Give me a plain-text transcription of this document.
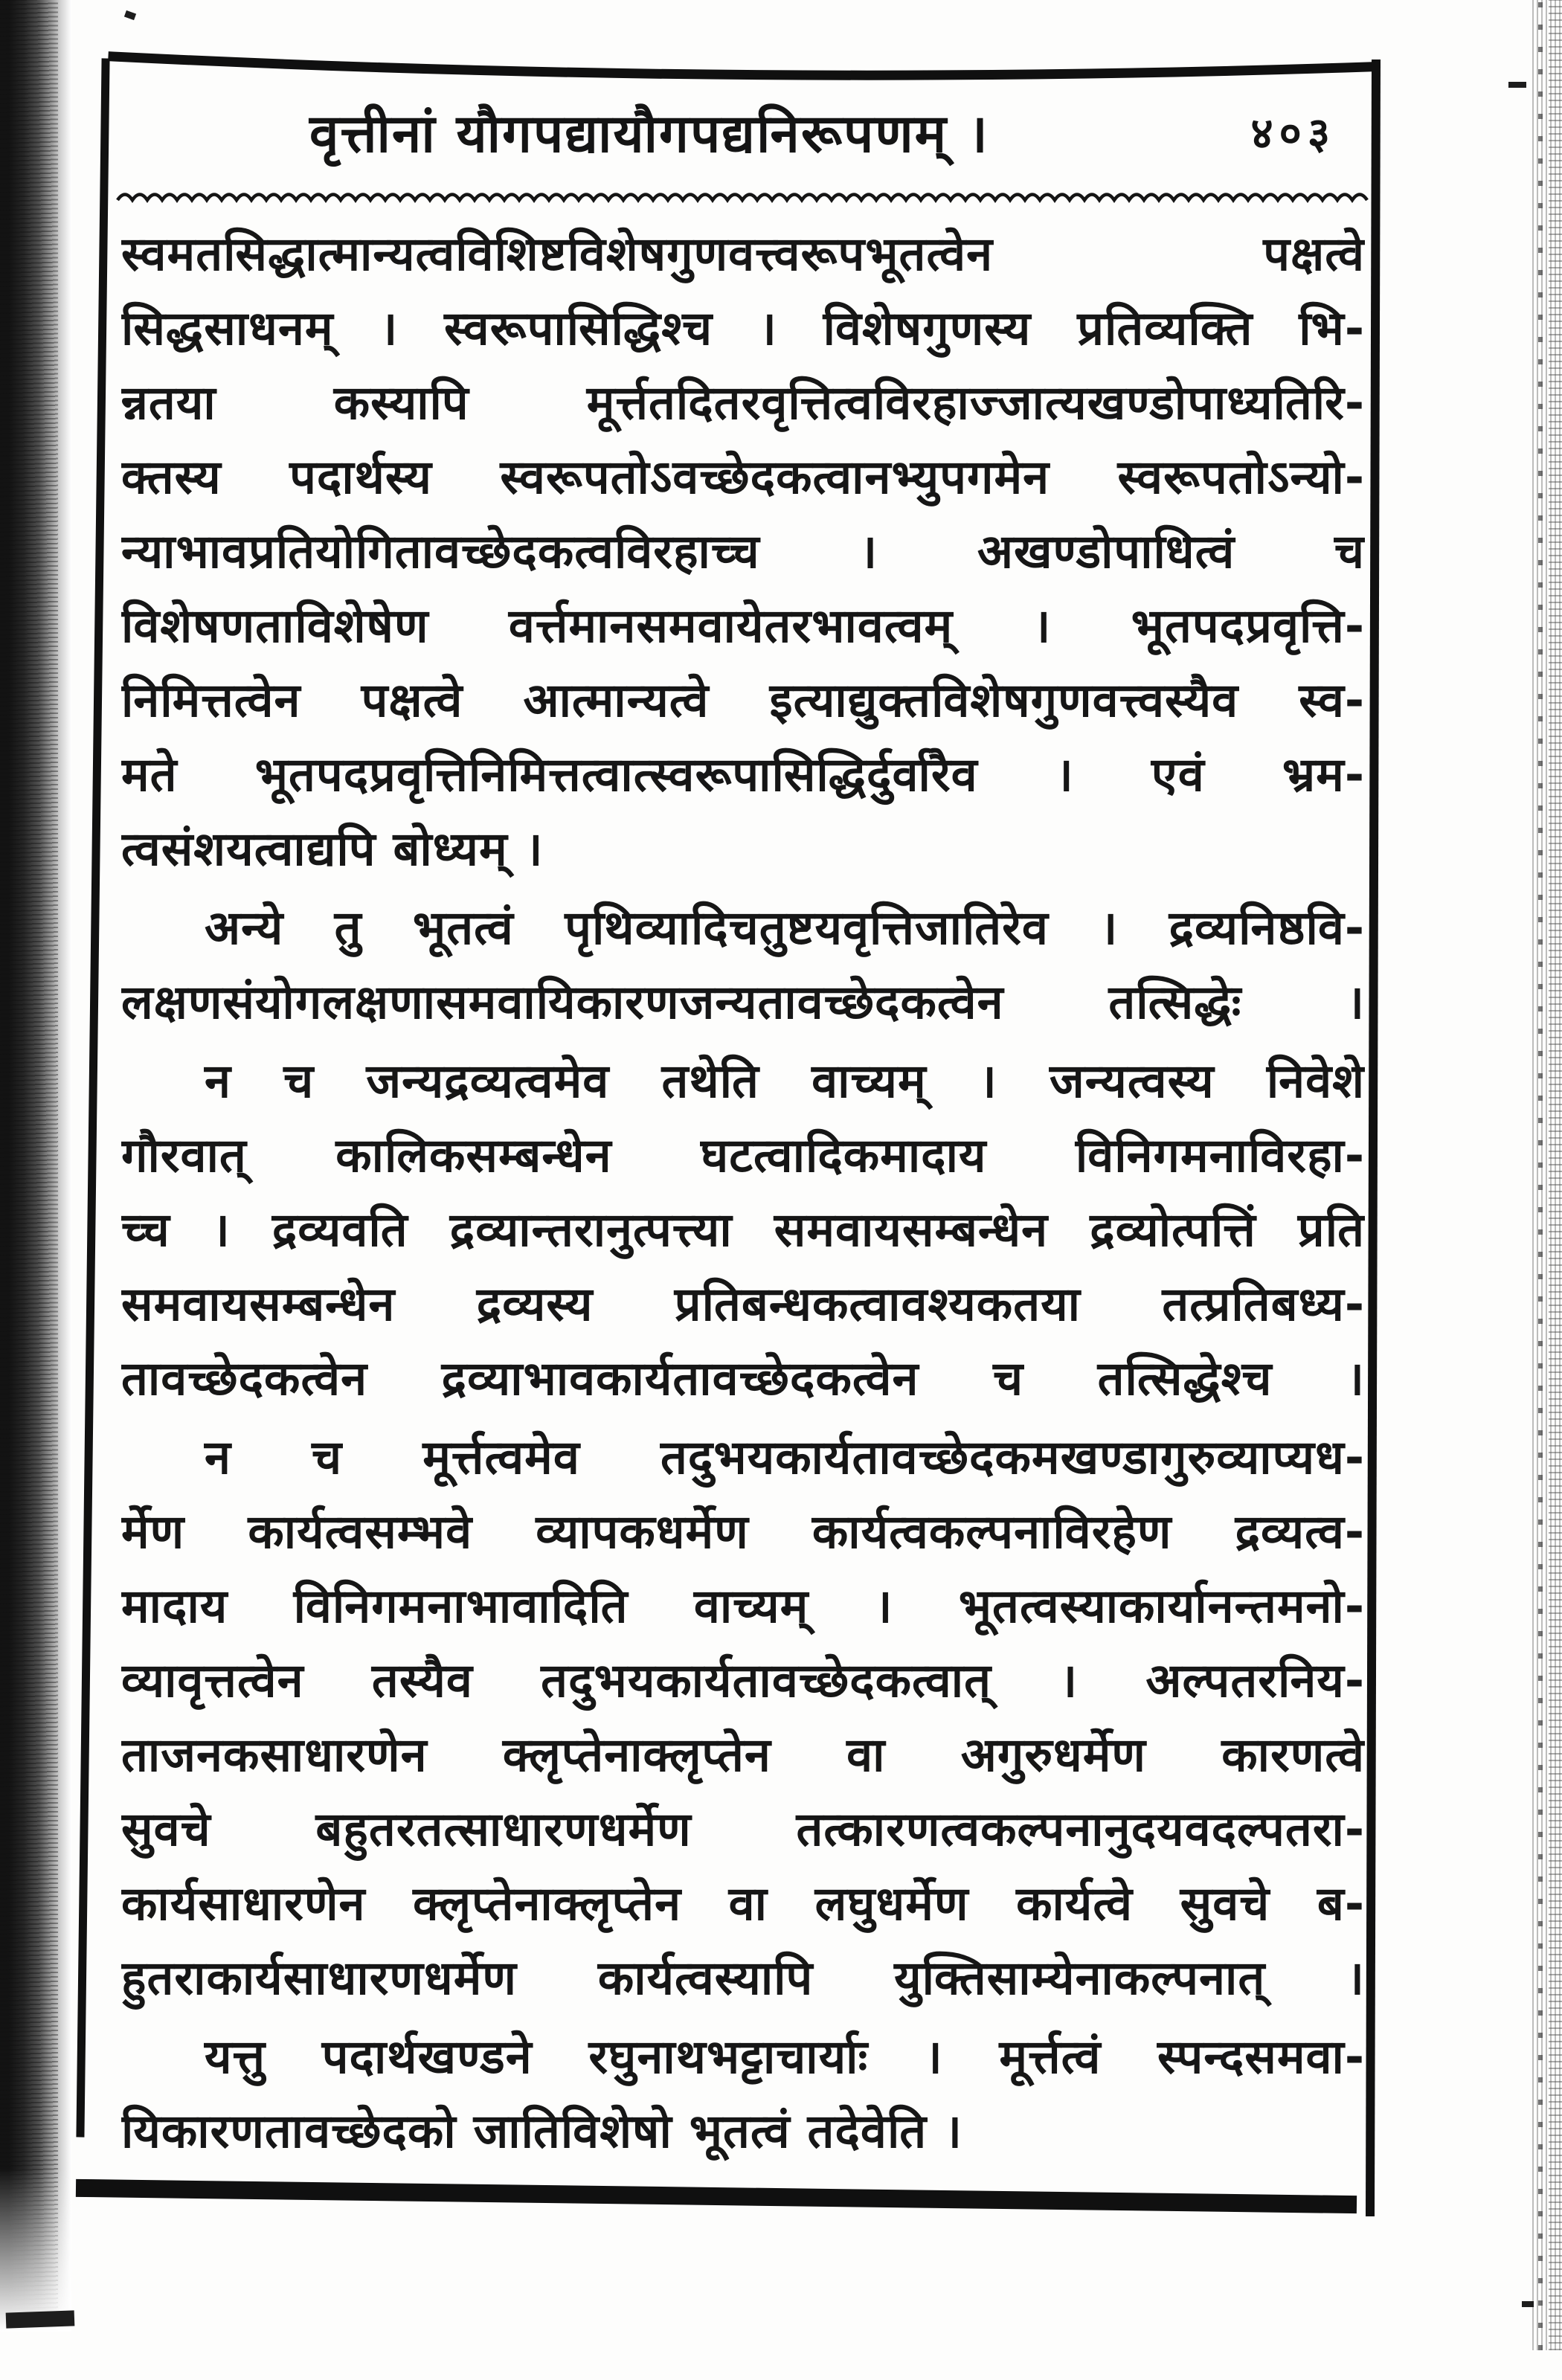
वृत्तीनां यौगपद्यायौगपद्यनिरूपणम् ।	४०३
स्वमतसिद्धात्मान्यत्वविशिष्टविशेषगुणवत्त्वरूपभूतत्वेन पक्षत्वे
सिद्धसाधनम् । स्वरूपासिद्धिश्च । विशेषगुणस्य प्रतिव्यक्ति भि-
न्नतया कस्यापि मूर्त्ततदितरवृत्तित्वविरहाज्जात्यखण्डोपाध्यतिरि-
क्तस्य पदार्थस्य स्वरूपतोऽवच्छेदकत्वानभ्युपगमेन स्वरूपतोऽन्यो-
न्याभावप्रतियोगितावच्छेदकत्वविरहाच्च । अखण्डोपाधित्वं च
विशेषणताविशेषेण वर्त्तमानसमवायेतरभावत्वम् । भूतपदप्रवृत्ति-
निमित्तत्वेन पक्षत्वे आत्मान्यत्वे इत्याद्युक्तविशेषगुणवत्त्वस्यैव स्व-
मते भूतपदप्रवृत्तिनिमित्तत्वात्स्वरूपासिद्धिर्दुर्वारैव । एवं भ्रम-
त्वसंशयत्वाद्यपि बोध्यम् ।
अन्ये तु भूतत्वं पृथिव्यादिचतुष्टयवृत्तिजातिरेव । द्रव्यनिष्ठवि-
लक्षणसंयोगलक्षणासमवायिकारणजन्यतावच्छेदकत्वेन तत्सिद्धेः ।
न च जन्यद्रव्यत्वमेव तथेति वाच्यम् । जन्यत्वस्य निवेशे
गौरवात् कालिकसम्बन्धेन घटत्वादिकमादाय विनिगमनाविरहा-
च्च । द्रव्यवति द्रव्यान्तरानुत्पत्त्या समवायसम्बन्धेन द्रव्योत्पत्तिं प्रति
समवायसम्बन्धेन द्रव्यस्य प्रतिबन्धकत्वावश्यकतया तत्प्रतिबध्य-
तावच्छेदकत्वेन द्रव्याभावकार्यतावच्छेदकत्वेन च तत्सिद्धेश्च ।
न च मूर्त्तत्वमेव तदुभयकार्यतावच्छेदकमखण्डागुरुव्याप्यध-
र्मेण कार्यत्वसम्भवे व्यापकधर्मेण कार्यत्वकल्पनाविरहेण द्रव्यत्व-
मादाय विनिगमनाभावादिति वाच्यम् । भूतत्वस्याकार्यानन्तमनो-
व्यावृत्तत्वेन तस्यैव तदुभयकार्यतावच्छेदकत्वात् । अल्पतरनिय-
ताजनकसाधारणेन क्लृप्तेनाक्लृप्तेन वा अगुरुधर्मेण कारणत्वे
सुवचे बहुतरतत्साधारणधर्मेण तत्कारणत्वकल्पनानुदयवदल्पतरा-
कार्यसाधारणेन क्लृप्तेनाक्लृप्तेन वा लघुधर्मेण कार्यत्वे सुवचे ब-
हुतराकार्यसाधारणधर्मेण कार्यत्वस्यापि युक्तिसाम्येनाकल्पनात् ।
यत्तु पदार्थखण्डने रघुनाथभट्टाचार्याः । मूर्त्तत्वं स्पन्दसमवा-
यिकारणतावच्छेदको जातिविशेषो भूतत्वं तदेवेति ।
